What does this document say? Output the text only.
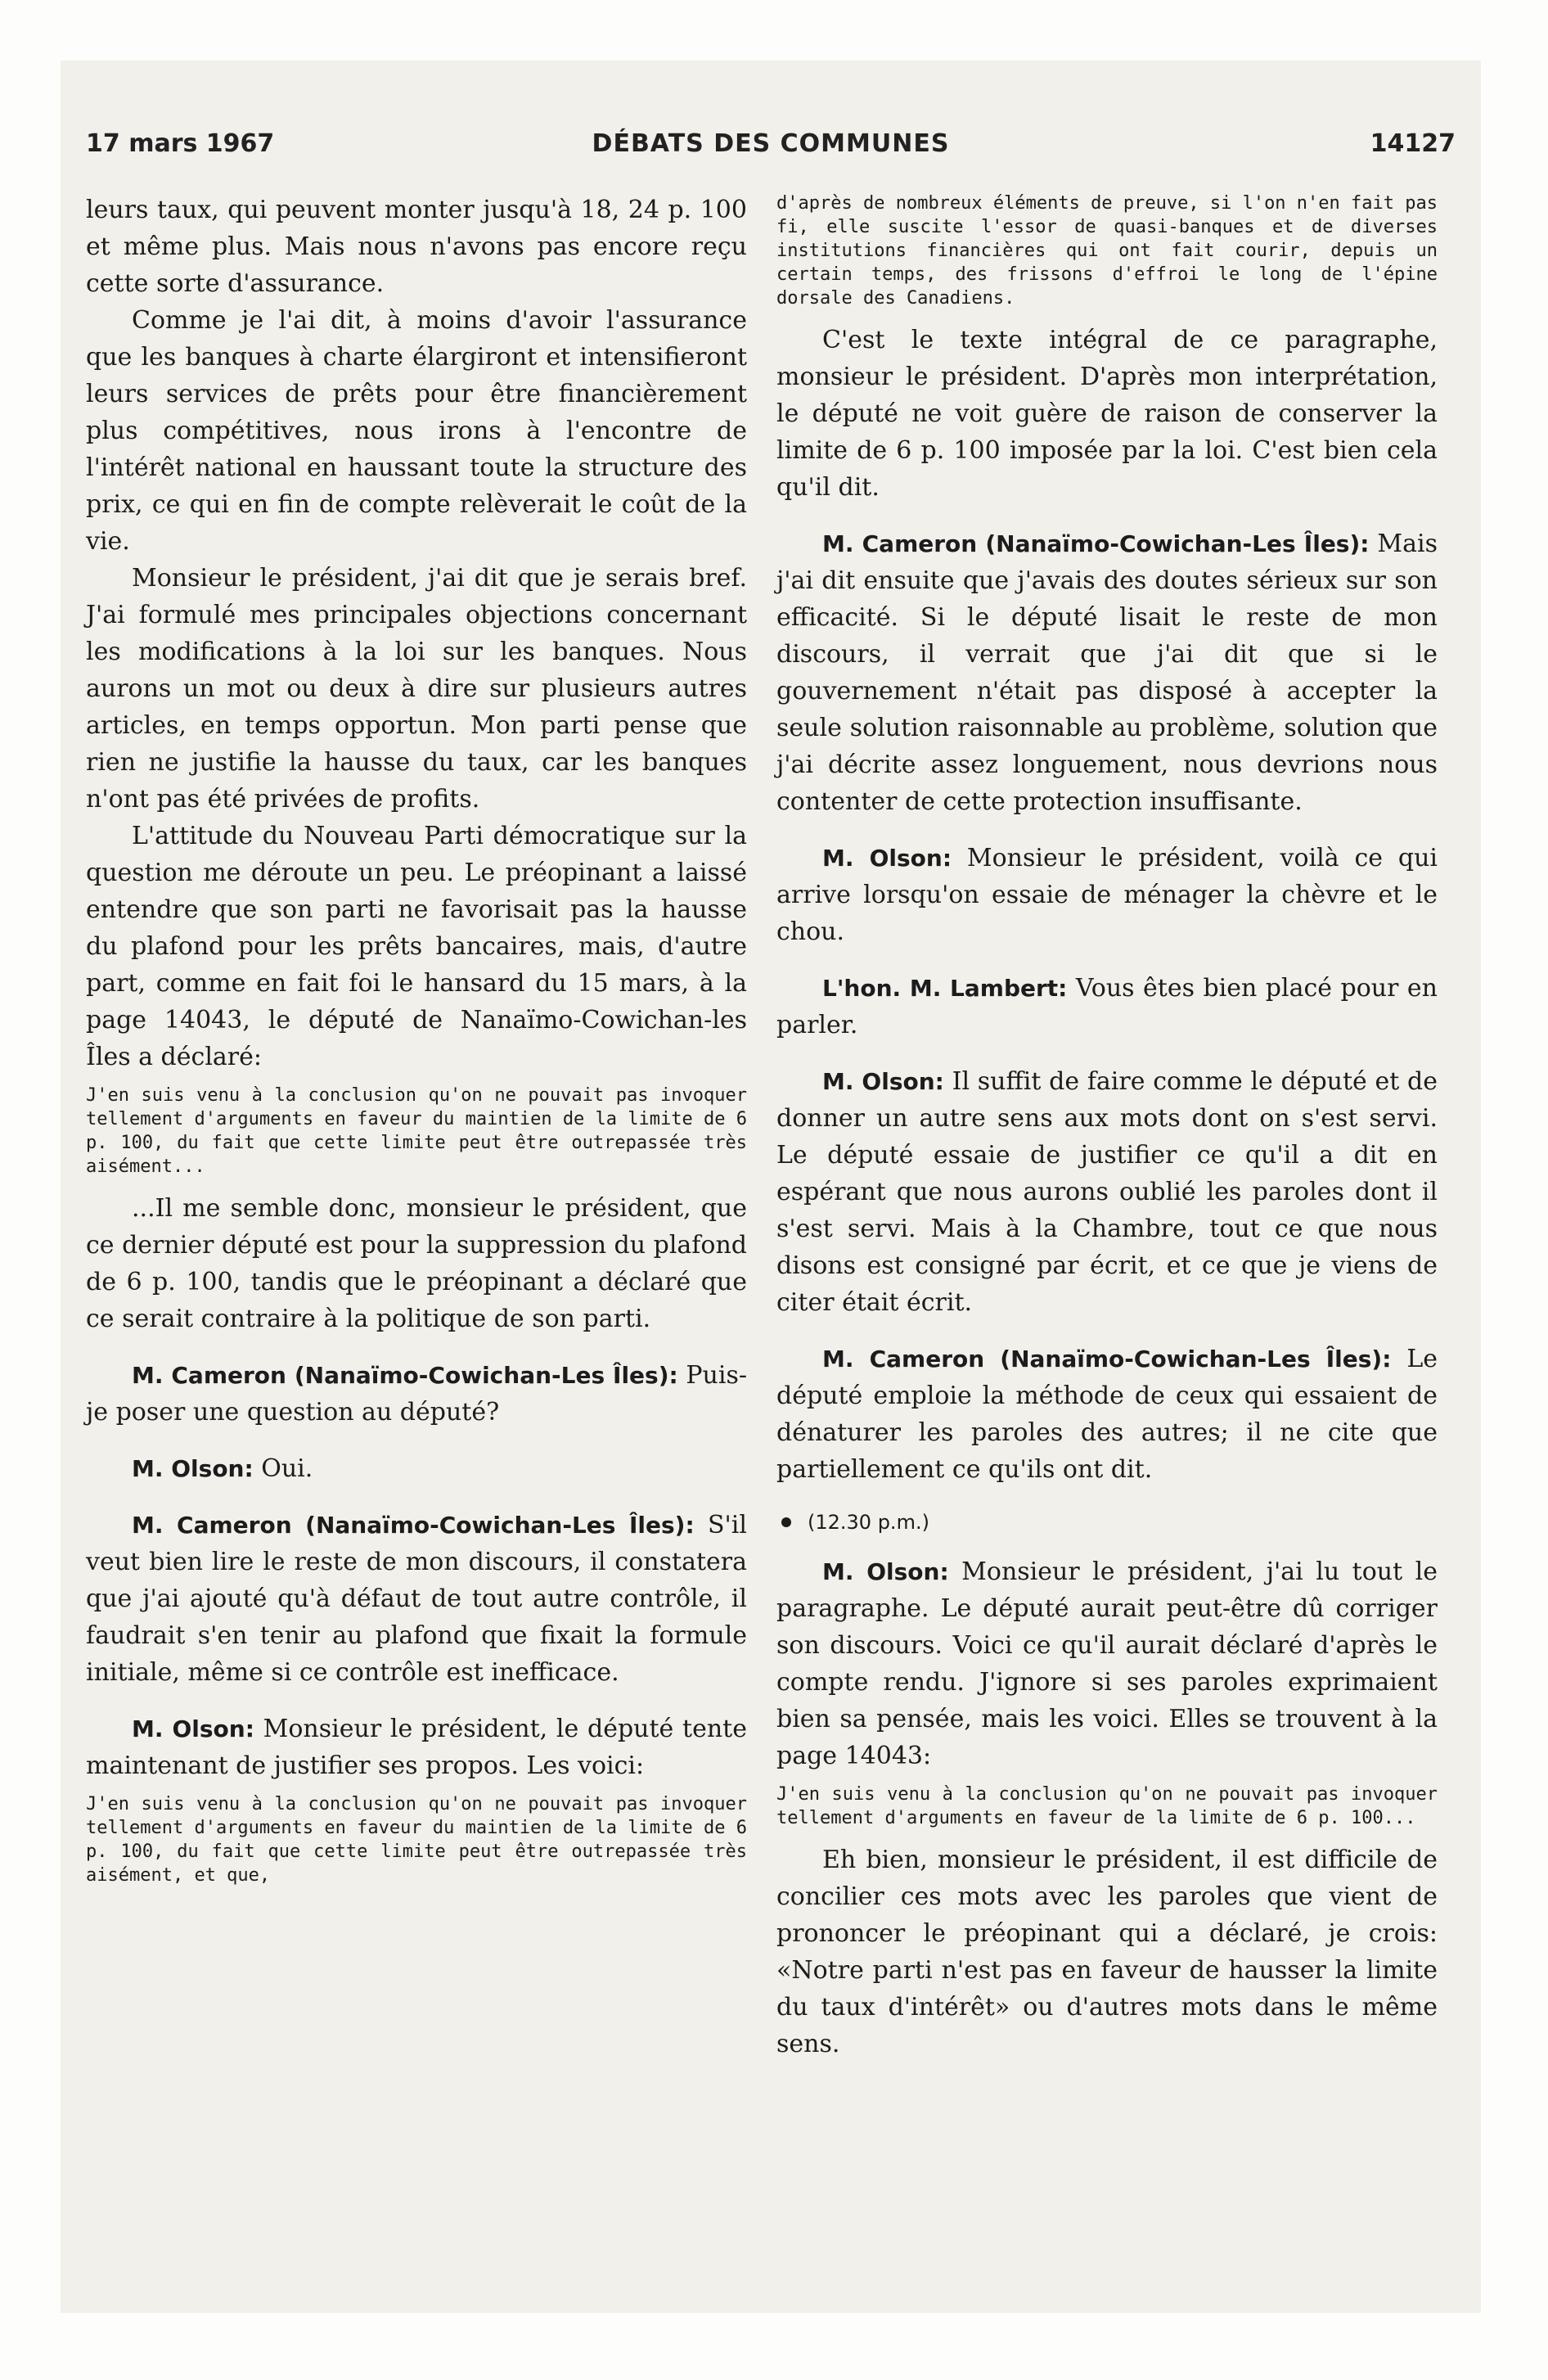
17 mars 1967	DÉBATS DES COMMUNES	14127

leurs taux, qui peuvent monter jusqu'à 18, 24 p. 100 et même plus. Mais nous n'avons pas encore reçu cette sorte d'assurance.

Comme je l'ai dit, à moins d'avoir l'assurance que les banques à charte élargiront et intensifieront leurs services de prêts pour être financièrement plus compétitives, nous irons à l'encontre de l'intérêt national en haussant toute la structure des prix, ce qui en fin de compte relèverait le coût de la vie.

Monsieur le président, j'ai dit que je serais bref. J'ai formulé mes principales objections concernant les modifications à la loi sur les banques. Nous aurons un mot ou deux à dire sur plusieurs autres articles, en temps opportun. Mon parti pense que rien ne justifie la hausse du taux, car les banques n'ont pas été privées de profits.

L'attitude du Nouveau Parti démocratique sur la question me déroute un peu. Le préopinant a laissé entendre que son parti ne favorisait pas la hausse du plafond pour les prêts bancaires, mais, d'autre part, comme en fait foi le hansard du 15 mars, à la page 14043, le député de Nanaïmo-Cowichan-les Îles a déclaré:

J'en suis venu à la conclusion qu'on ne pouvait pas invoquer tellement d'arguments en faveur du maintien de la limite de 6 p. 100, du fait que cette limite peut être outrepassée très aisément...

...Il me semble donc, monsieur le président, que ce dernier député est pour la suppression du plafond de 6 p. 100, tandis que le préopinant a déclaré que ce serait contraire à la politique de son parti.

M. Cameron (Nanaïmo-Cowichan-Les Îles): Puis-je poser une question au député?

M. Olson: Oui.

M. Cameron (Nanaïmo-Cowichan-Les Îles): S'il veut bien lire le reste de mon discours, il constatera que j'ai ajouté qu'à défaut de tout autre contrôle, il faudrait s'en tenir au plafond que fixait la formule initiale, même si ce contrôle est inefficace.

M. Olson: Monsieur le président, le député tente maintenant de justifier ses propos. Les voici:

J'en suis venu à la conclusion qu'on ne pouvait pas invoquer tellement d'arguments en faveur du maintien de la limite de 6 p. 100, du fait que cette limite peut être outrepassée très aisément, et que,

d'après de nombreux éléments de preuve, si l'on n'en fait pas fi, elle suscite l'essor de quasi-banques et de diverses institutions financières qui ont fait courir, depuis un certain temps, des frissons d'effroi le long de l'épine dorsale des Canadiens.

C'est le texte intégral de ce paragraphe, monsieur le président. D'après mon interprétation, le député ne voit guère de raison de conserver la limite de 6 p. 100 imposée par la loi. C'est bien cela qu'il dit.

M. Cameron (Nanaïmo-Cowichan-Les Îles): Mais j'ai dit ensuite que j'avais des doutes sérieux sur son efficacité. Si le député lisait le reste de mon discours, il verrait que j'ai dit que si le gouvernement n'était pas disposé à accepter la seule solution raisonnable au problème, solution que j'ai décrite assez longuement, nous devrions nous contenter de cette protection insuffisante.

M. Olson: Monsieur le président, voilà ce qui arrive lorsqu'on essaie de ménager la chèvre et le chou.

L'hon. M. Lambert: Vous êtes bien placé pour en parler.

M. Olson: Il suffit de faire comme le député et de donner un autre sens aux mots dont on s'est servi. Le député essaie de justifier ce qu'il a dit en espérant que nous aurons oublié les paroles dont il s'est servi. Mais à la Chambre, tout ce que nous disons est consigné par écrit, et ce que je viens de citer était écrit.

M. Cameron (Nanaïmo-Cowichan-Les Îles): Le député emploie la méthode de ceux qui essaient de dénaturer les paroles des autres; il ne cite que partiellement ce qu'ils ont dit.

(12.30 p.m.)

M. Olson: Monsieur le président, j'ai lu tout le paragraphe. Le député aurait peut-être dû corriger son discours. Voici ce qu'il aurait déclaré d'après le compte rendu. J'ignore si ses paroles exprimaient bien sa pensée, mais les voici. Elles se trouvent à la page 14043:

J'en suis venu à la conclusion qu'on ne pouvait pas invoquer tellement d'arguments en faveur de la limite de 6 p. 100...

Eh bien, monsieur le président, il est difficile de concilier ces mots avec les paroles que vient de prononcer le préopinant qui a déclaré, je crois: «Notre parti n'est pas en faveur de hausser la limite du taux d'intérêt» ou d'autres mots dans le même sens.
